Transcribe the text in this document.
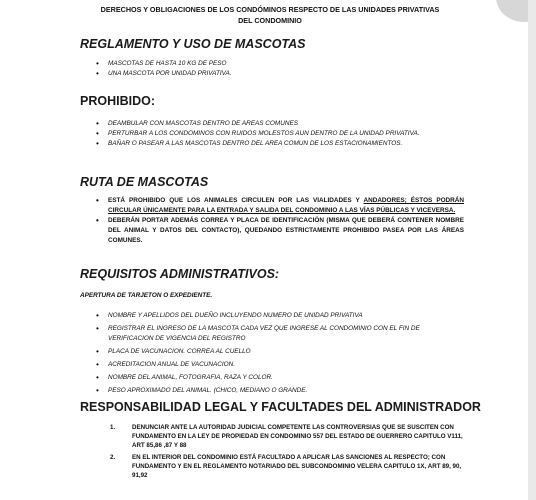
DERECHOS Y OBLIGACIONES DE LOS CONDÓMINOS RESPECTO DE LAS UNIDADES PRIVATIVAS
DEL CONDOMINIO
REGLAMENTO Y USO DE MASCOTAS
• MASCOTAS DE HASTA 10 KG DE PESO
• UNA MASCOTA POR UNIDAD PRIVATIVA.
PROHIBIDO:
• DEAMBULAR CON MASCOTAS DENTRO DE AREAS COMUNES
• PERTURBAR A LOS CONDOMINOS CON RUIDOS MOLESTOS AUN DENTRO DE LA UNIDAD PRIVATIVA.
• BAÑAR O PASEAR A LAS MASCOTAS DENTRO DEL AREA COMUN DE LOS ESTACIONAMIENTOS.
RUTA DE MASCOTAS
• ESTÁ PROHIBIDO QUE LOS ANIMALES CIRCULEN POR LAS VIALIDADES Y ANDADORES; ÉSTOS PODRÁN CIRCULAR ÚNICAMENTE PARA LA ENTRADA Y SALIDA DEL CONDOMINIO A LAS VÍAS PÚBLICAS Y VICEVERSA.
• DEBERÁN PORTAR ADEMÁS CORREA Y PLACA DE IDENTIFICACIÓN (MISMA QUE DEBERÁ CONTENER NOMBRE DEL ANIMAL Y DATOS DEL CONTACTO), QUEDANDO ESTRICTAMENTE PROHIBIDO PASEA POR LAS ÁREAS COMUNES.
REQUISITOS ADMINISTRATIVOS:
APERTURA DE TARJETON O EXPEDIENTE.
• NOMBRE Y APELLIDOS DEL DUEÑO INCLUYENDO NUMERO DE UNIDAD PRIVATIVA
• REGISTRAR EL INGRESO DE LA MASCOTA CADA VEZ QUE INGRESE AL CONDOMINIO CON EL FIN DE VERIFICACION DE VIGENCIA DEL REGISTRO
• PLACA DE VACUNACION. CORREA AL CUELLO
• ACREDITACION ANUAL DE VACUNACION.
• NOMBRE DEL ANIMAL, FOTOGRAFIA, RAZA Y COLOR.
• PESO APROXIMADO DEL ANIMAL. (CHICO, MEDIANO O GRANDE.
RESPONSABILIDAD LEGAL Y FACULTADES DEL ADMINISTRADOR
1.	DENUNCIAR ANTE LA AUTORIDAD JUDICIAL COMPETENTE LAS CONTROVERSIAS QUE SE SUSCITEN CON FUNDAMENTO EN LA LEY DE PROPIEDAD EN CONDOMINIO 557 DEL ESTADO DE GUERRERO CAPITULO V111, ART 85,86 ,87 Y 88
2.	EN EL INTERIOR DEL CONDOMINIO ESTÁ FACULTADO A APLICAR LAS SANCIONES AL RESPECTO; CON FUNDAMENTO Y EN EL REGLAMENTO NOTARIADO DEL SUBCONDOMINIO VELERA CAPITULO 1X, ART 89, 90, 91,92
